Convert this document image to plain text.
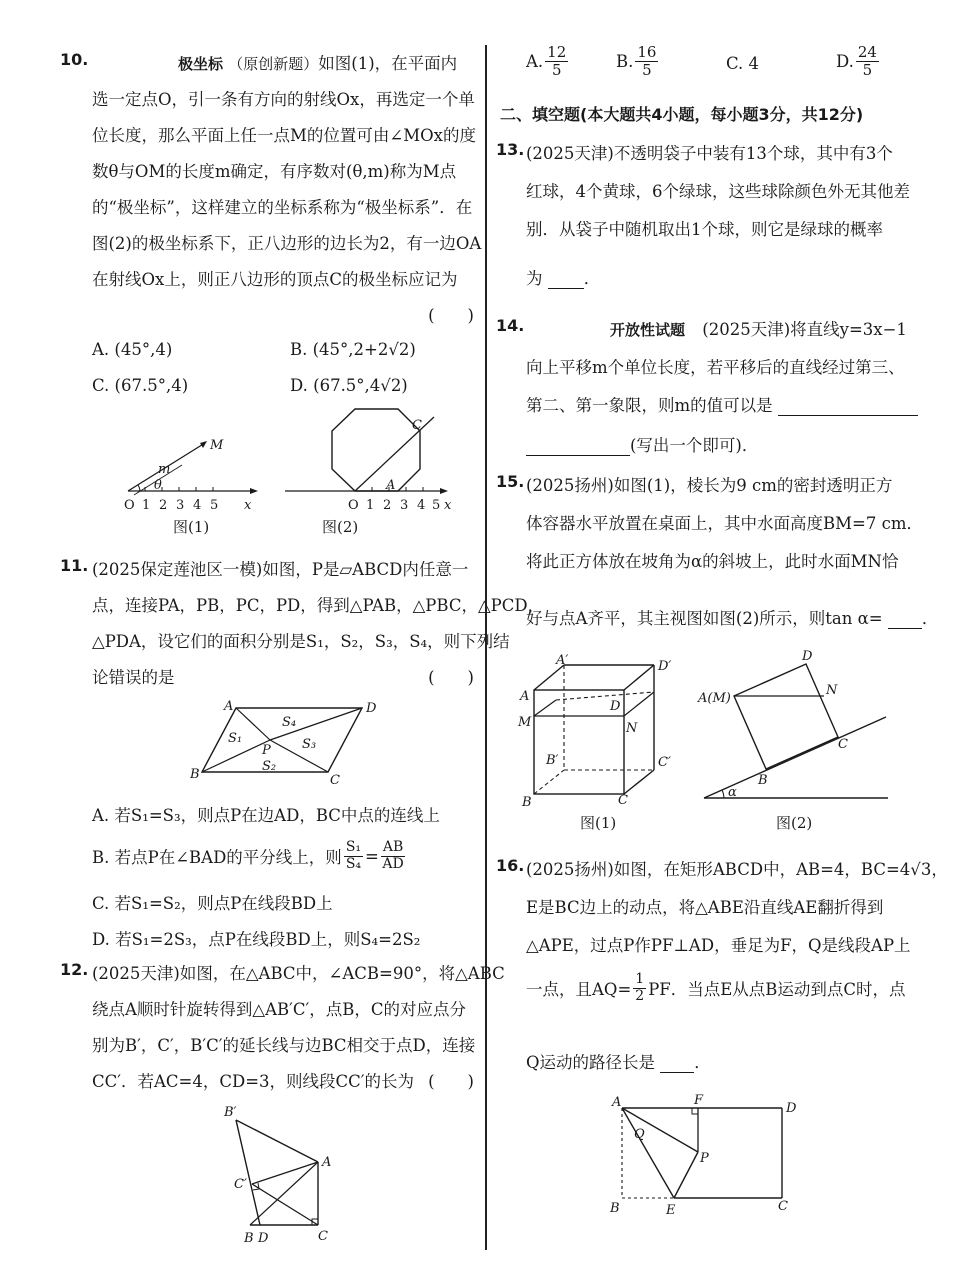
10.	极坐标 （原创新题）如图(1)，在平面内
选一定点O，引一条有方向的射线Ox，再选定一个单
位长度，那么平面上任一点M的位置可由∠MOx的度
数θ与OM的长度m确定，有序数对(θ,m)称为M点
的“极坐标”，这样建立的坐标系称为“极坐标系”．在
图(2)的极坐标系下，正八边形的边长为2，有一边OA
在射线Ox上，则正八边形的顶点C的极坐标应记为
(　　)
A. (45°,4)	B. (45°,2+2√2)
C. (67.5°,4)	D. (67.5°,4√2)
M
m
θ
O 1 2 3 4 5 x
C
A
O 1 2 3 4 5 x
图(1)	图(2)
11. (2025保定莲池区一模)如图，P是▱ABCD内任意一
点，连接PA，PB，PC，PD，得到△PAB，△PBC，△PCD，
△PDA，设它们的面积分别是S₁，S₂，S₃，S₄，则下列结
论错误的是	(　　)
A	D
B	C
P
S₁
S₂
S₃
S₄
A. 若S₁=S₃，则点P在边AD，BC中点的连线上
B. 若点P在∠BAD的平分线上，则 $\frac{\text{S₁}}{\text{S₄}} = \frac{AB}{AD}$
C. 若S₁=S₂，则点P在线段BD上
D. 若S₁=2S₃，点P在线段BD上，则S₄=2S₂
12. (2025天津)如图，在△ABC中，∠ACB=90°，将△ABC
绕点A顺时针旋转得到△AB′C′，点B，C的对应点分
别为B′，C′，B′C′的延长线与边BC相交于点D，连接
CC′．若AC=4，CD=3，则线段CC′的长为 (　　)
B′
C′
A
B D	C
A. $\frac{12}{5}$	B. $\frac{16}{5}$	C. 4	D. $\frac{24}{5}$
二、填空题(本大题共4小题，每小题3分，共12分)
13. (2025天津)不透明袋子中装有13个球，其中有3个
红球，4个黄球，6个绿球，这些球除颜色外无其他差
别．从袋子中随机取出1个球，则它是绿球的概率
为	．
14.	开放性试题 (2025天津)将直线y=3x−1
向上平移m个单位长度，若平移后的直线经过第三、
第二、第一象限，则m的值可以是
(写出一个即可)．
15. (2025扬州)如图(1)，棱长为9 cm的密封透明正方
体容器水平放置在桌面上，其中水面高度BM=7 cm．
将此正方体放在坡角为α的斜坡上，此时水面MN恰
好与点A齐平，其主视图如图(2)所示，则tan α= ．
A′	D′
A
D
M	N
B′	C′
B	C
A(M)
D
N
C
B
α
图(1)	图(2)
16. (2025扬州)如图，在矩形ABCD中，AB=4，BC=4√3，
E是BC边上的动点，将△ABE沿直线AE翻折得到
△APE，过点P作PF⊥AD，垂足为F，Q是线段AP上
一点，且$AQ= \frac{1}{2}$ PF．当点E从点B运动到点C时，点
Q运动的路径长是 ．
A	F
D
Q
P
B	E	C
